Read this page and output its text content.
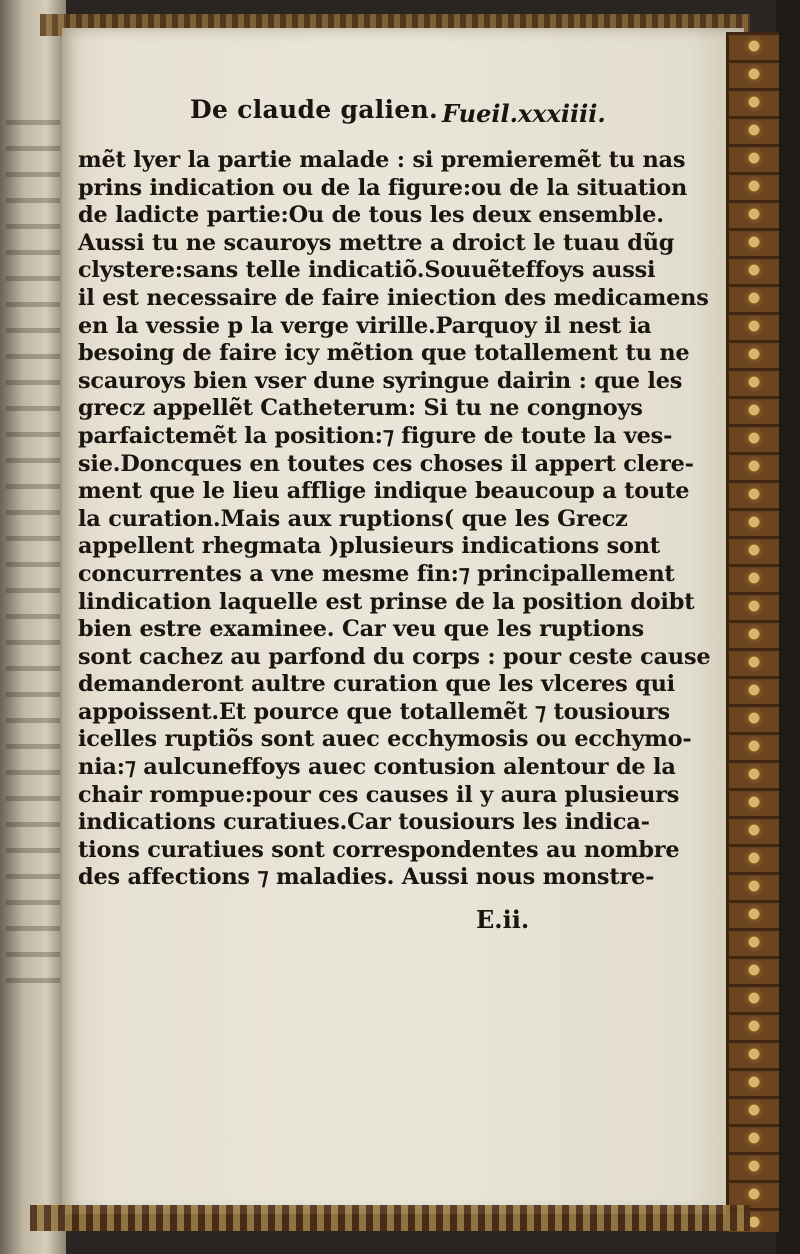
De claude galien. Fueil.xxxiiii.
mẽt lyer la partie malade : si premieremẽt tu nas
prins indication ou de la figure:ou de la situation
de ladicte partie:Ou de tous les deux ensemble.
Aussi tu ne scauroys mettre a droict le tuau dũg
clystere:sans telle indicatiõ.Souuẽteffoys aussi
il est necessaire de faire iniection des medicamens
en la vessie p la verge virille.Parquoy il nest ia
besoing de faire icy mẽtion que totallement tu ne
scauroys bien vser dune syringue dairin : que les
grecz appellẽt Catheterum: Si tu ne congnoys
parfaictemẽt la position:⁊ figure de toute la ves-
sie.Doncques en toutes ces choses il appert clere-
ment que le lieu afflige indique beaucoup a toute
la curation.Mais aux ruptions( que les Grecz
appellent rhegmata )plusieurs indications sont
concurrentes a vne mesme fin:⁊ principallement
lindication laquelle est prinse de la position doibt
bien estre examinee. Car veu que les ruptions
sont cachez au parfond du corps : pour ceste cause
demanderont aultre curation que les vlceres qui
appoissent.Et pource que totallemẽt ⁊ tousiours
icelles ruptiõs sont auec ecchymosis ou ecchymo-
nia:⁊ aulcuneffoys auec contusion alentour de la
chair rompue:pour ces causes il y aura plusieurs
indications curatiues.Car tousiours les indica-
tions curatiues sont correspondentes au nombre
des affections ⁊ maladies. Aussi nous monstre-
E.ii.
